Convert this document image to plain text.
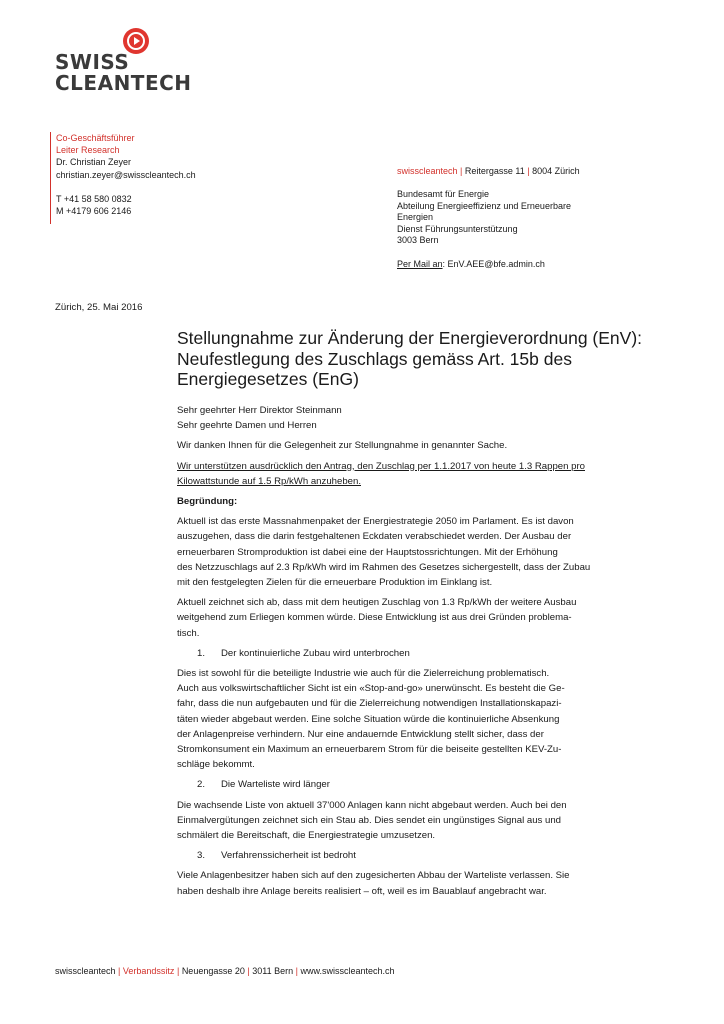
SWISS
CLEANTECH
Co-Geschäftsführer
Leiter Research
Dr. Christian Zeyer
christian.zeyer@swisscleantech.ch
T +41 58 580 0832
M +4179 606 2146
swisscleantech | Reitergasse 11 | 8004 Zürich
Bundesamt für Energie
Abteilung Energieeffizienz und Erneuerbare
Energien
Dienst Führungsunterstützung
3003 Bern
Per Mail an: EnV.AEE@bfe.admin.ch
Zürich, 25. Mai 2016
Stellungnahme zur Änderung der Energieverordnung (EnV):
Neufestlegung des Zuschlags gemäss Art. 15b des
Energiegesetzes (EnG)
Sehr geehrter Herr Direktor Steinmann
Sehr geehrte Damen und Herren
Wir danken Ihnen für die Gelegenheit zur Stellungnahme in genannter Sache.
Wir unterstützen ausdrücklich den Antrag, den Zuschlag per 1.1.2017 von heute 1.3 Rappen pro
Kilowattstunde auf 1.5 Rp/kWh anzuheben.
Begründung:
Aktuell ist das erste Massnahmenpaket der Energiestrategie 2050 im Parlament. Es ist davon
auszugehen, dass die darin festgehaltenen Eckdaten verabschiedet werden. Der Ausbau der
erneuerbaren Stromproduktion ist dabei eine der Hauptstossrichtungen. Mit der Erhöhung
des Netzzuschlags auf 2.3 Rp/kWh wird im Rahmen des Gesetzes sichergestellt, dass der Zubau
mit den festgelegten Zielen für die erneuerbare Produktion im Einklang ist.
Aktuell zeichnet sich ab, dass mit dem heutigen Zuschlag von 1.3 Rp/kWh der weitere Ausbau
weitgehend zum Erliegen kommen würde. Diese Entwicklung ist aus drei Gründen problema-
tisch.
1. Der kontinuierliche Zubau wird unterbrochen
Dies ist sowohl für die beteiligte Industrie wie auch für die Zielerreichung problematisch.
Auch aus volkswirtschaftlicher Sicht ist ein «Stop-and-go» unerwünscht. Es besteht die Ge-
fahr, dass die nun aufgebauten und für die Zielerreichung notwendigen Installationskapazi-
täten wieder abgebaut werden. Eine solche Situation würde die kontinuierliche Absenkung
der Anlagenpreise verhindern. Nur eine andauernde Entwicklung stellt sicher, dass der
Stromkonsument ein Maximum an erneuerbarem Strom für die beiseite gestellten KEV-Zu-
schläge bekommt.
2. Die Warteliste wird länger
Die wachsende Liste von aktuell 37'000 Anlagen kann nicht abgebaut werden. Auch bei den
Einmalvergütungen zeichnet sich ein Stau ab. Dies sendet ein ungünstiges Signal aus und
schmälert die Bereitschaft, die Energiestrategie umzusetzen.
3. Verfahrenssicherheit ist bedroht
Viele Anlagenbesitzer haben sich auf den zugesicherten Abbau der Warteliste verlassen. Sie
haben deshalb ihre Anlage bereits realisiert – oft, weil es im Bauablauf angebracht war.
swisscleantech | Verbandssitz | Neuengasse 20 | 3011 Bern | www.swisscleantech.ch
